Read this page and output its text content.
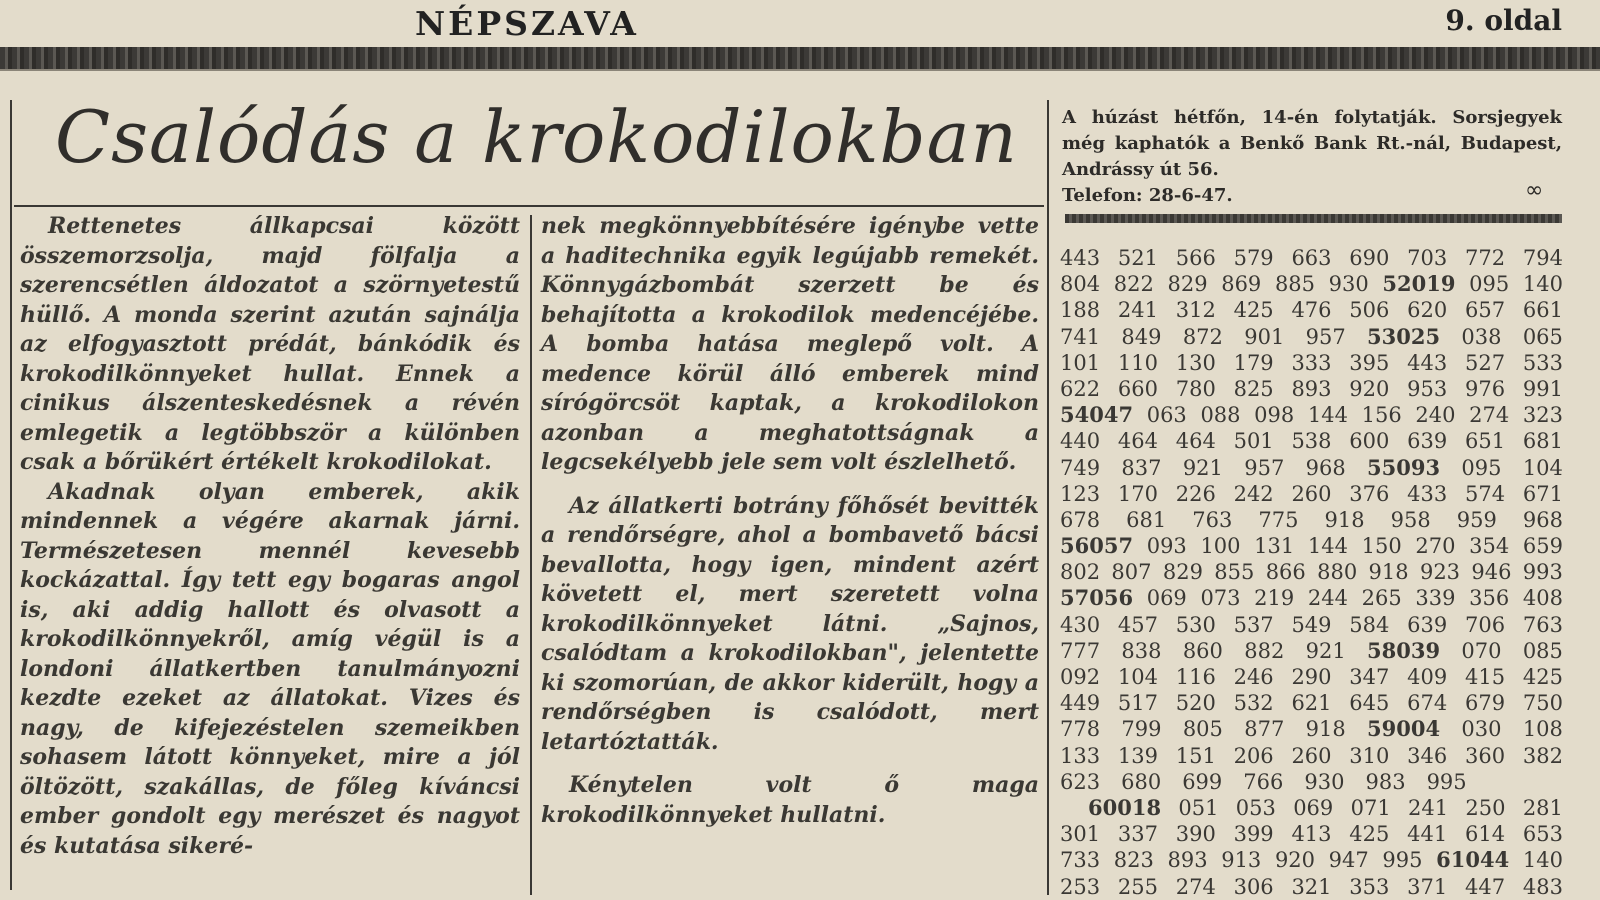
NÉPSZAVA	9. oldal
Csalódás a krokodilokban

Rettenetes állkapcsai között összemorzsolja, majd fölfalja a szerencsétlen áldozatot a szörnyetestű hüllő. A monda szerint azután sajnálja az elfogyasztott prédát, bánkódik és krokodilkönnyeket hullat. Ennek a cinikus álszenteskedésnek a révén emlegetik a legtöbbször a különben csak a bőrükért értékelt krokodilokat.

Akadnak olyan emberek, akik mindennek a végére akarnak járni. Természetesen mennél kevesebb kockázattal. Így tett egy bogaras angol is, aki addig hallott és olvasott a krokodilkönnyekről, amíg végül is a londoni állatkertben tanulmányozni kezdte ezeket az állatokat. Vizes és nagy, de kifejezéstelen szemeikben sohasem látott könnyeket, mire a jól öltözött, szakállas, de főleg kíváncsi ember gondolt egy merészet és nagyot és kutatása sikeré-

nek megkönnyebbítésére igénybe vette a haditechnika egyik legújabb remekét. Könnygázbombát szerzett be és behajította a krokodilok medencéjébe. A bomba hatása meglepő volt. A medence körül álló emberek mind sírógörcsöt kaptak, a krokodilokon azonban a meghatottságnak a legcsekélyebb jele sem volt észlelhető.

Az állatkerti botrány főhősét bevitték a rendőrségre, ahol a bombavető bácsi bevallotta, hogy igen, mindent azért követett el, mert szeretett volna krokodilkönnyeket látni. „Sajnos, csalódtam a krokodilokban", jelentette ki szomorúan, de akkor kiderült, hogy a rendőrségben is csalódott, mert letartóztatták.

Kénytelen volt ő maga krokodilkönnyeket hullatni.

A húzást hétfőn, 14-én folytatják. Sorsjegyek még kaphatók a Benkő Bank Rt.-nál, Budapest, Andrássy út 56.
Telefon: 28-6-47.	∞
443 521 566 579 663 690 703 772 794
804 822 829 869 885 930 52019 095 140
188 241 312 425 476 506 620 657 661
741 849 872 901 957 53025 038 065
101 110 130 179 333 395 443 527 533
622 660 780 825 893 920 953 976 991
54047 063 088 098 144 156 240 274 323
440 464 464 501 538 600 639 651 681
749 837 921 957 968 55093 095 104
123 170 226 242 260 376 433 574 671
678 681 763 775 918 958 959 968
56057 093 100 131 144 150 270 354 659
802 807 829 855 866 880 918 923 946 993
57056 069 073 219 244 265 339 356 408
430 457 530 537 549 584 639 706 763
777 838 860 882 921 58039 070 085
092 104 116 246 290 347 409 415 425
449 517 520 532 621 645 674 679 750
778 799 805 877 918 59004 030 108
133 139 151 206 260 310 346 360 382
623 680 699 766 930 983 995
60018 051 053 069 071 241 250 281
301 337 390 399 413 425 441 614 653
733 823 893 913 920 947 995 61044 140
253 255 274 306 321 353 371 447 483
